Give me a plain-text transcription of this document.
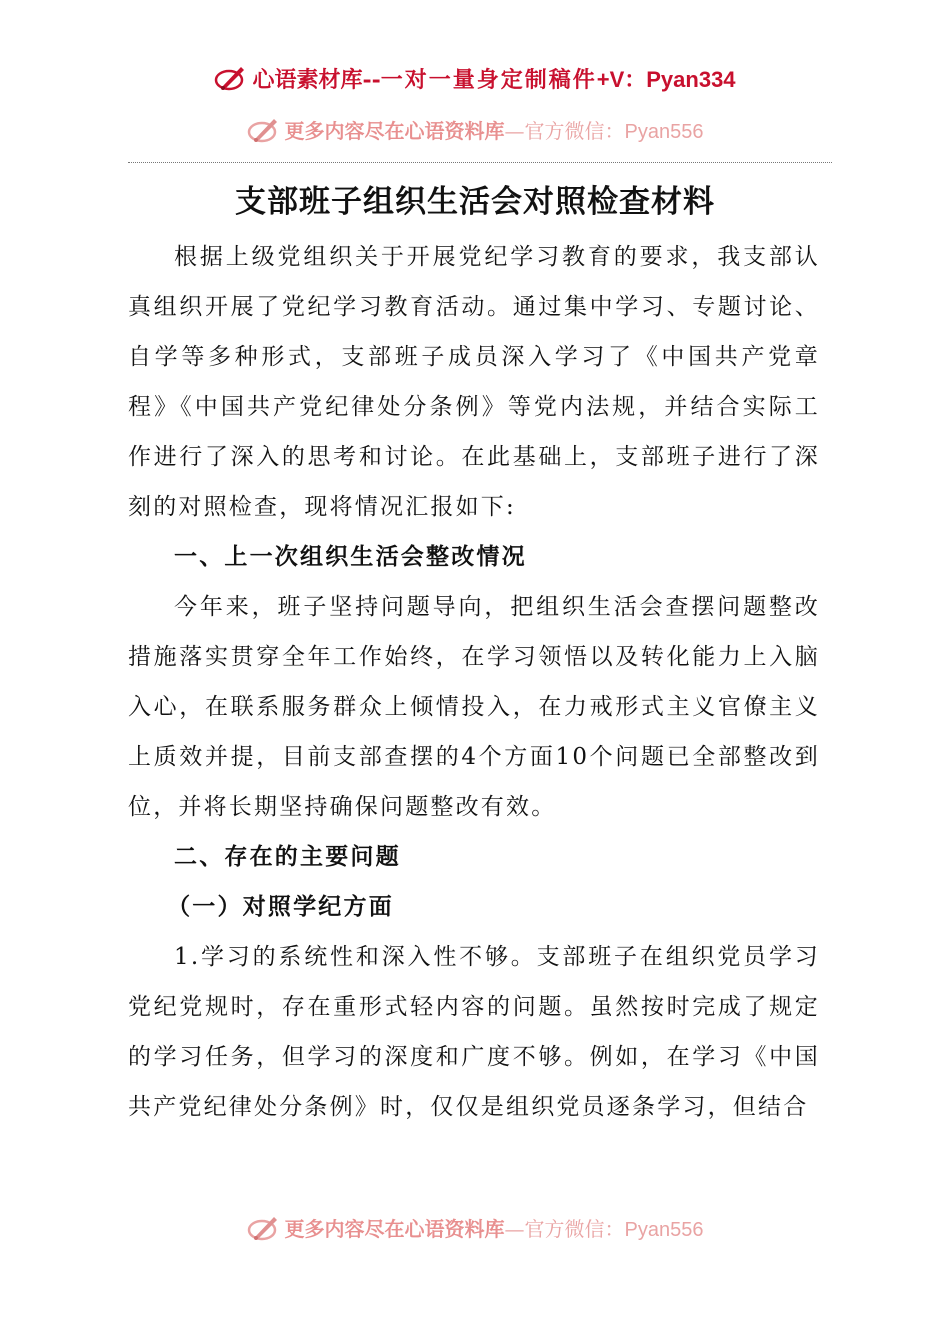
心语素材库--一对一量身定制稿件+V：Pyan334
更多内容尽在心语资料库—官方微信：Pyan556
支部班子组织生活会对照检查材料

根据上级党组织关于开展党纪学习教育的要求，我支部认真组织开展了党纪学习教育活动。通过集中学习、专题讨论、自学等多种形式，支部班子成员深入学习了《中国共产党章程》《中国共产党纪律处分条例》等党内法规，并结合实际工作进行了深入的思考和讨论。在此基础上，支部班子进行了深刻的对照检查，现将情况汇报如下:

一、上一次组织生活会整改情况

今年来，班子坚持问题导向，把组织生活会查摆问题整改措施落实贯穿全年工作始终，在学习领悟以及转化能力上入脑入心，在联系服务群众上倾情投入，在力戒形式主义官僚主义上质效并提，目前支部查摆的4个方面10个问题已全部整改到位，并将长期坚持确保问题整改有效。

二、存在的主要问题

（一）对照学纪方面

1.学习的系统性和深入性不够。支部班子在组织党员学习党纪党规时，存在重形式轻内容的问题。虽然按时完成了规定的学习任务，但学习的深度和广度不够。例如，在学习《中国共产党纪律处分条例》时，仅仅是组织党员逐条学习，但结合

更多内容尽在心语资料库—官方微信：Pyan556
